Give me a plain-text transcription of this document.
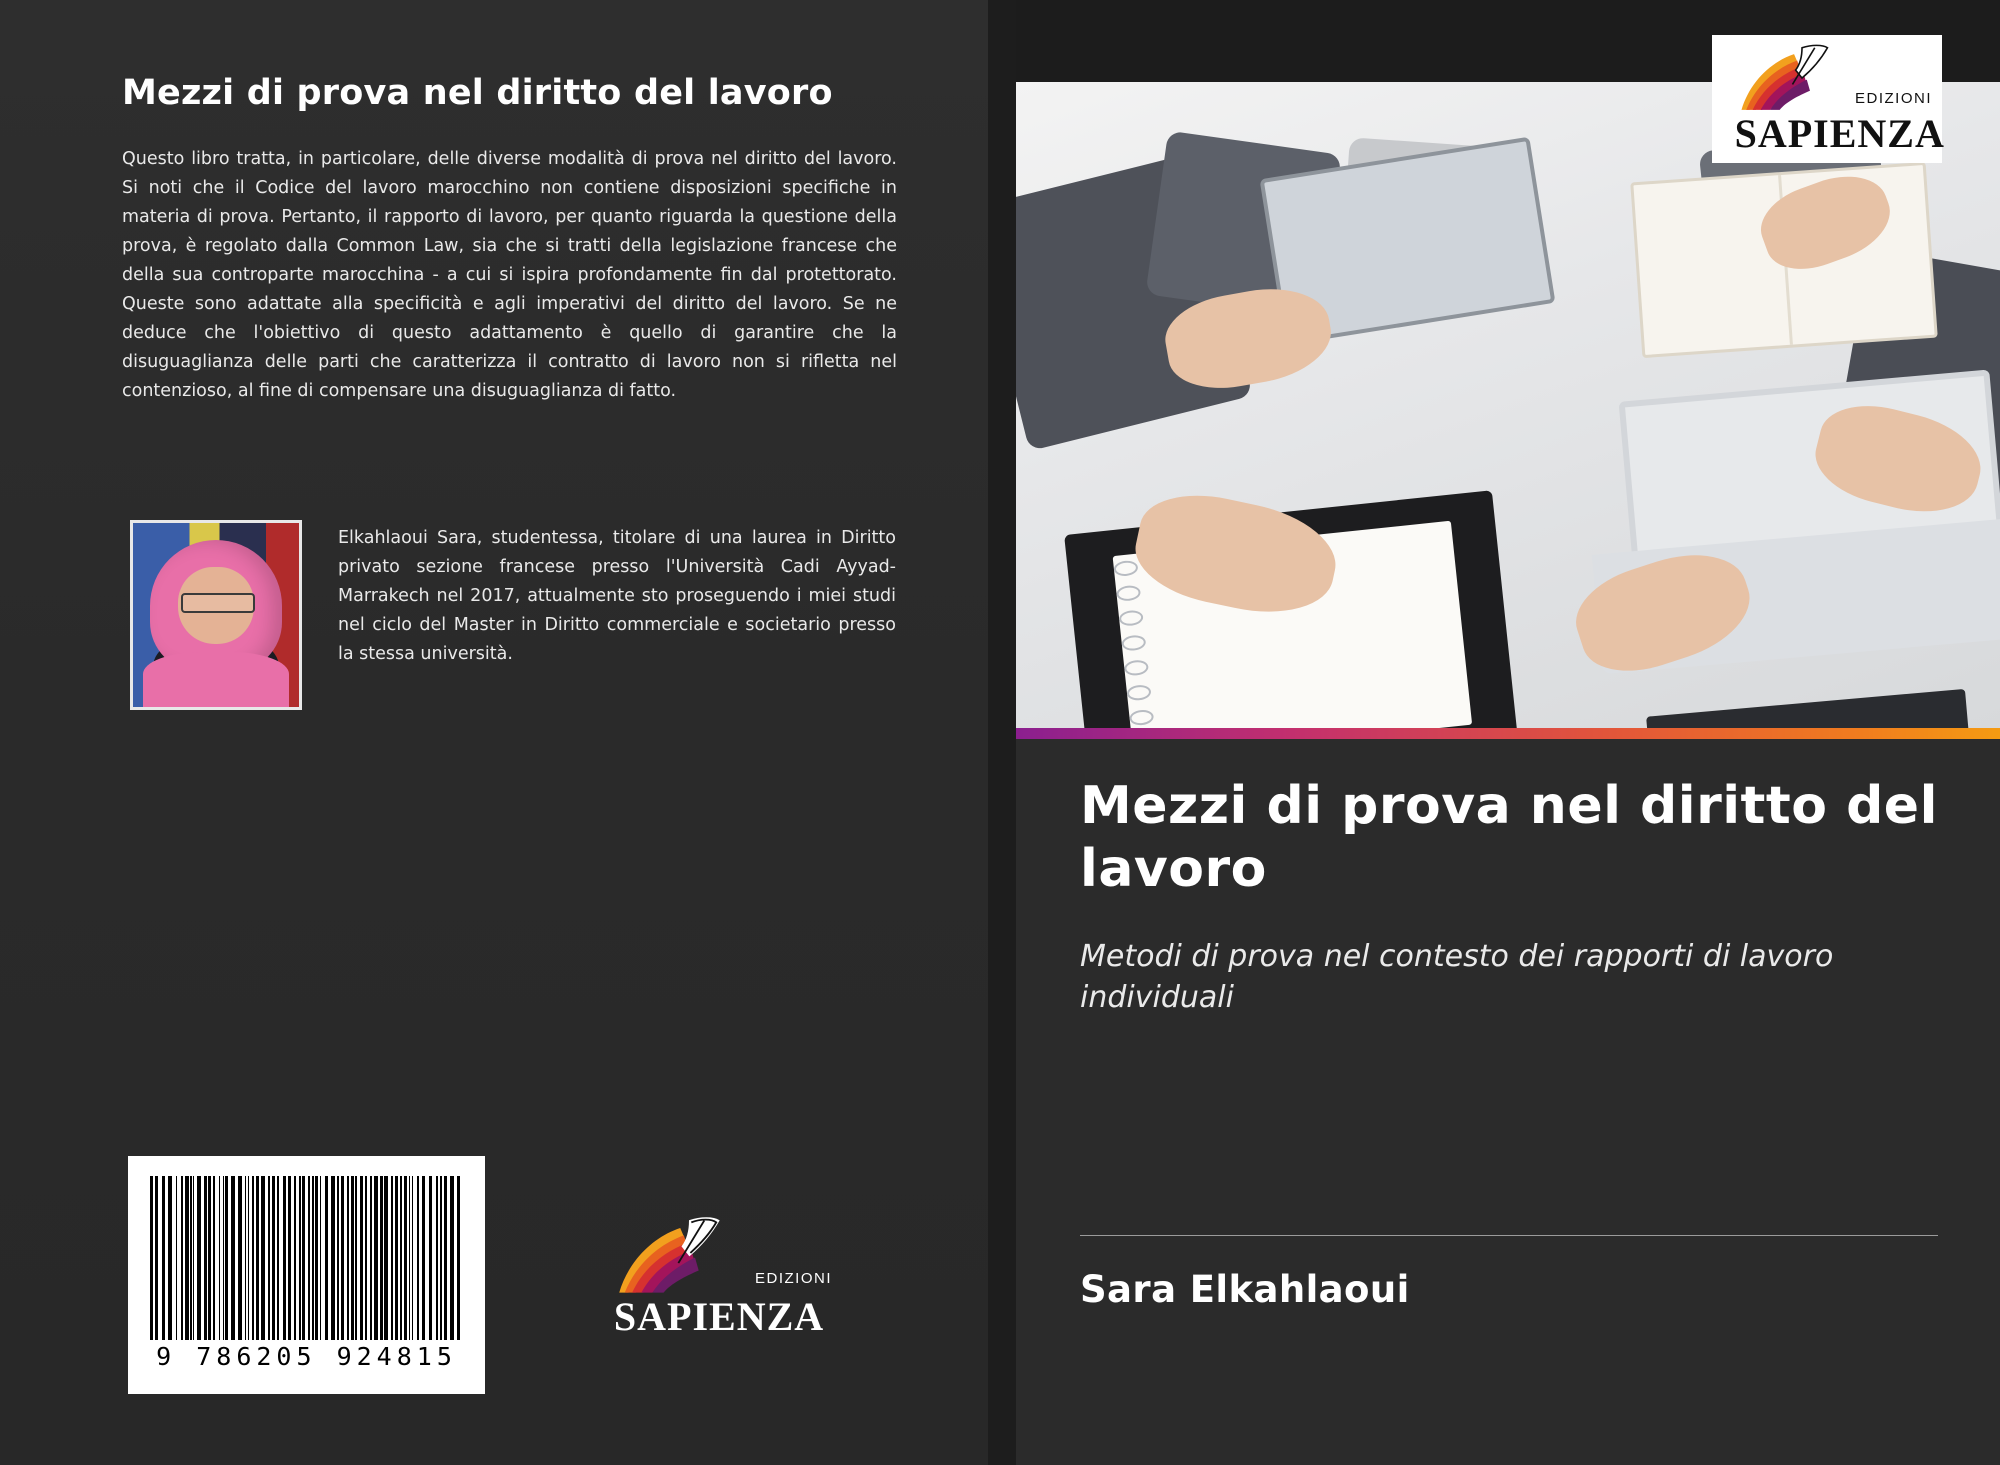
Mezzi di prova nel diritto del lavoro

Questo libro tratta, in particolare, delle diverse modalità di prova nel diritto del lavoro. Si noti che il Codice del lavoro marocchino non contiene disposizioni specifiche in materia di prova. Pertanto, il rapporto di lavoro, per quanto riguarda la questione della prova, è regolato dalla Common Law, sia che si tratti della legislazione francese che della sua controparte marocchina - a cui si ispira profondamente fin dal protettorato. Queste sono adattate alla specificità e agli imperativi del diritto del lavoro. Se ne deduce che l'obiettivo di questo adattamento è quello di garantire che la disuguaglianza delle parti che caratterizza il contratto di lavoro non si rifletta nel contenzioso, al fine di compensare una disuguaglianza di fatto.

Elkahlaoui Sara, studentessa, titolare di una laurea in Diritto privato sezione francese presso l'Università Cadi Ayyad-Marrakech nel 2017, attualmente sto proseguendo i miei studi nel ciclo del Master in Diritto commerciale e societario presso la stessa università.
9 786205 924815
EDIZIONI
SAPIENZA
EDIZIONI
SAPIENZA
Mezzi di prova nel diritto del lavoro

Metodi di prova nel contesto dei rapporti di lavoro individuali

Sara Elkahlaoui
